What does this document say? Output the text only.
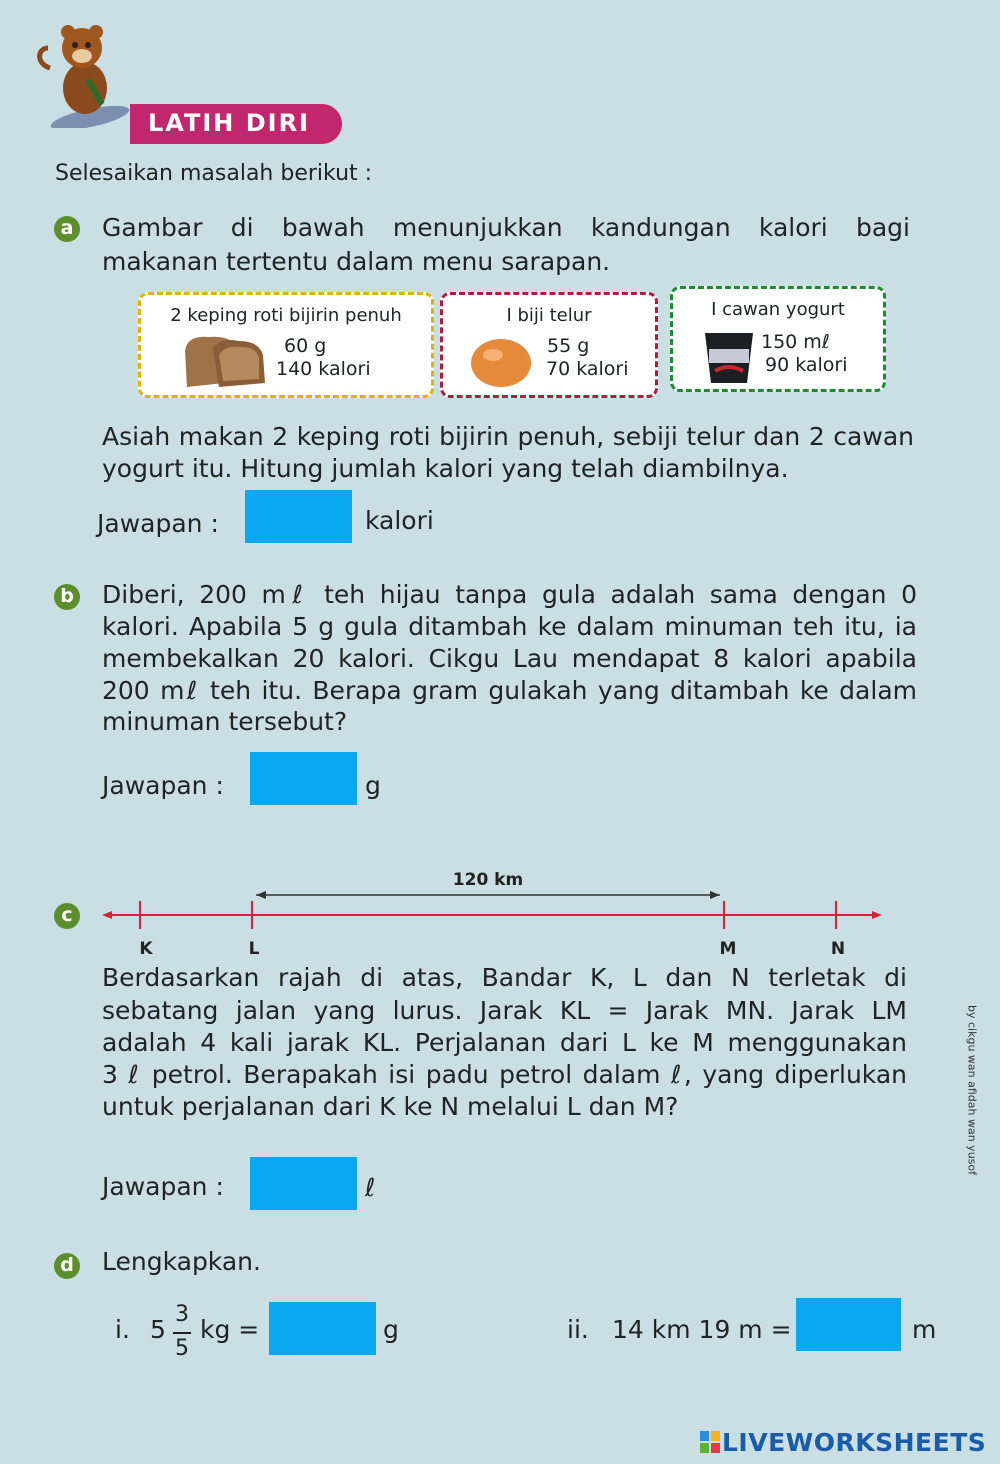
LATIH DIRI
Selesaikan masalah berikut :
a Gambar di bawah menunjukkan kandungan kalori bagi
makanan tertentu dalam menu sarapan.
2 keping roti bijirin penuh
60 g
140 kalori
I biji telur
55 g
70 kalori
I cawan yogurt
150 mℓ
90 kalori
Asiah makan 2 keping roti bijirin penuh, sebiji telur dan 2 cawan
yogurt itu. Hitung jumlah kalori yang telah diambilnya.
Jawapan :	kalori
b Diberi, 200 mℓ teh hijau tanpa gula adalah sama dengan 0
kalori. Apabila 5 g gula ditambah ke dalam minuman teh itu, ia
membekalkan 20 kalori. Cikgu Lau mendapat 8 kalori apabila
200 mℓ teh itu. Berapa gram gulakah yang ditambah ke dalam
minuman tersebut?
Jawapan :	g
c
120 km
K	L	M	N
Berdasarkan rajah di atas, Bandar K, L dan N terletak di
sebatang jalan yang lurus. Jarak KL = Jarak MN. Jarak LM
adalah 4 kali jarak KL. Perjalanan dari L ke M menggunakan
3 ℓ petrol. Berapakah isi padu petrol dalam ℓ, yang diperlukan
untuk perjalanan dari K ke N melalui L dan M?
Jawapan :	ℓ
by cikgu wan afidah wan yusof
d Lengkapkan.
i. 5
3
5
kg =	g	ii. 14 km 19 m =	m
LIVEWORKSHEETS
